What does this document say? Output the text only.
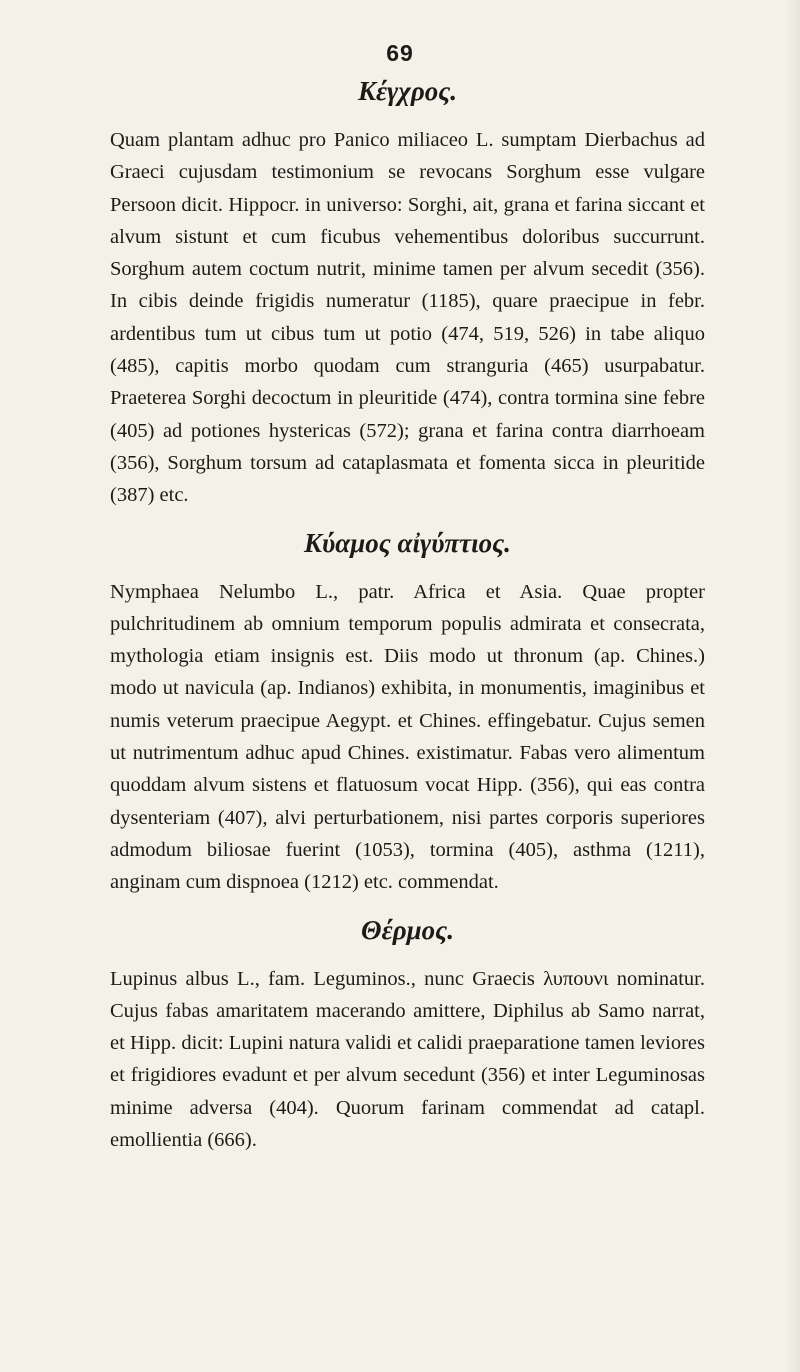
69
Κέγχρος.

Quam plantam adhuc pro Panico miliaceo L. sumptam Dierbachus ad Graeci cujusdam testimonium se revocans Sorghum esse vulgare Persoon dicit. Hippocr. in universo: Sorghi, ait, grana et farina siccant et alvum sistunt et cum ficubus vehementibus doloribus succurrunt. Sorghum autem coctum nutrit, minime tamen per alvum secedit (356). In cibis deinde frigidis numeratur (1185), quare praecipue in febr. ardentibus tum ut cibus tum ut potio (474, 519, 526) in tabe aliquo (485), capitis morbo quodam cum stranguria (465) usurpabatur. Praeterea Sorghi decoctum in pleuritide (474), contra tormina sine febre (405) ad potiones hystericas (572); grana et farina contra diarrhoeam (356), Sorghum torsum ad cataplasmata et fomenta sicca in pleuritide (387) etc.

Κύαμος αἰγύπτιος.

Nymphaea Nelumbo L., patr. Africa et Asia. Quae propter pulchritudinem ab omnium temporum populis admirata et consecrata, mythologia etiam insignis est. Diis modo ut thronum (ap. Chines.) modo ut navicula (ap. Indianos) exhibita, in monumentis, imaginibus et numis veterum praecipue Aegypt. et Chines. effingebatur. Cujus semen ut nutrimentum adhuc apud Chines. existimatur. Fabas vero alimentum quoddam alvum sistens et flatuosum vocat Hipp. (356), qui eas contra dysenteriam (407), alvi perturbationem, nisi partes corporis superiores admodum biliosae fuerint (1053), tormina (405), asthma (1211), anginam cum dispnoea (1212) etc. commendat.

Θέρμος.

Lupinus albus L., fam. Leguminos., nunc Graecis λυπουνι nominatur. Cujus fabas amaritatem macerando amittere, Diphilus ab Samo narrat, et Hipp. dicit: Lupini natura validi et calidi praeparatione tamen leviores et frigidiores evadunt et per alvum secedunt (356) et inter Leguminosas minime adversa (404). Quorum farinam commendat ad catapl. emollientia (666).
